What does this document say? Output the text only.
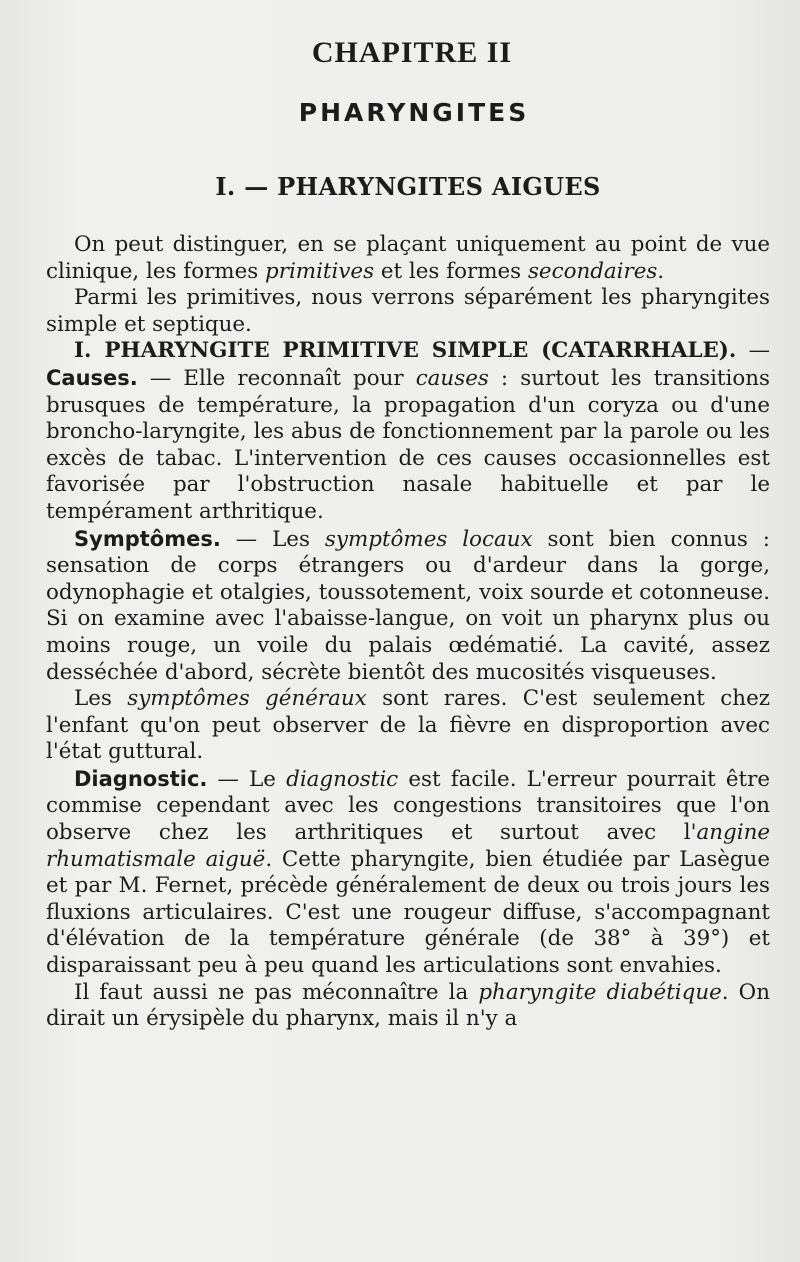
CHAPITRE II
PHARYNGITES
I. — PHARYNGITES AIGUES

On peut distinguer, en se plaçant uniquement au point de vue clinique, les formes primitives et les formes secondaires.

Parmi les primitives, nous verrons séparément les pharyngites simple et septique.

I. PHARYNGITE PRIMITIVE SIMPLE (CATARRHALE). — Causes. — Elle reconnaît pour causes : surtout les transitions brusques de température, la propagation d'un coryza ou d'une broncho-laryngite, les abus de fonctionnement par la parole ou les excès de tabac. L'intervention de ces causes occasionnelles est favorisée par l'obstruction nasale habituelle et par le tempérament arthritique.

Symptômes. — Les symptômes locaux sont bien connus : sensation de corps étrangers ou d'ardeur dans la gorge, odynophagie et otalgies, toussotement, voix sourde et cotonneuse. Si on examine avec l'abaisse-langue, on voit un pharynx plus ou moins rouge, un voile du palais œdématié. La cavité, assez desséchée d'abord, sécrète bientôt des mucosités visqueuses.

Les symptômes généraux sont rares. C'est seulement chez l'enfant qu'on peut observer de la fièvre en disproportion avec l'état guttural.

Diagnostic. — Le diagnostic est facile. L'erreur pourrait être commise cependant avec les congestions transitoires que l'on observe chez les arthritiques et surtout avec l'angine rhumatismale aiguë. Cette pharyngite, bien étudiée par Lasègue et par M. Fernet, précède généralement de deux ou trois jours les fluxions articulaires. C'est une rougeur diffuse, s'accompagnant d'élévation de la température générale (de 38° à 39°) et disparaissant peu à peu quand les articulations sont envahies.

Il faut aussi ne pas méconnaître la pharyngite diabétique. On dirait un érysipèle du pharynx, mais il n'y a
